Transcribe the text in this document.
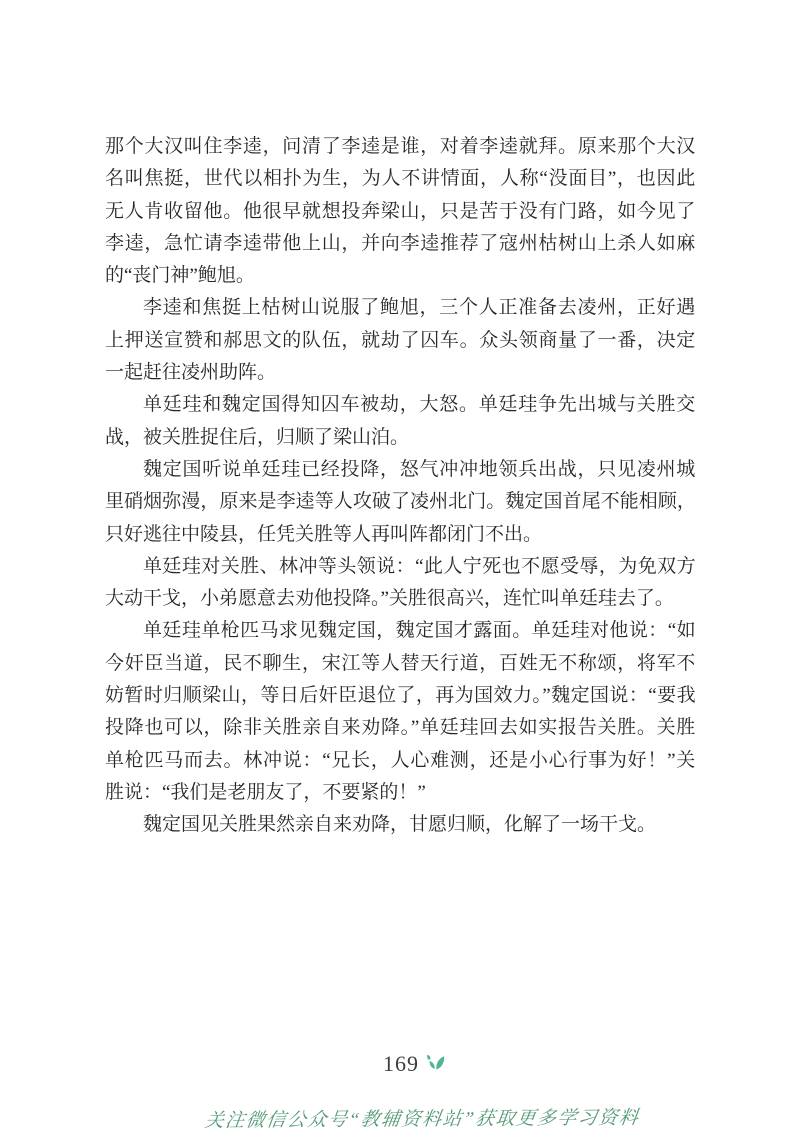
那个大汉叫住李逵，问清了李逵是谁，对着李逵就拜。原来那个大汉
名叫焦挺，世代以相扑为生，为人不讲情面，人称“没面目”，也因此
无人肯收留他。他很早就想投奔梁山，只是苦于没有门路，如今见了
李逵，急忙请李逵带他上山，并向李逵推荐了寇州枯树山上杀人如麻
的“丧门神”鲍旭。
李逵和焦挺上枯树山说服了鲍旭，三个人正准备去凌州，正好遇
上押送宣赞和郝思文的队伍，就劫了囚车。众头领商量了一番，决定
一起赶往凌州助阵。
单廷珪和魏定国得知囚车被劫，大怒。单廷珪争先出城与关胜交
战，被关胜捉住后，归顺了梁山泊。
魏定国听说单廷珪已经投降，怒气冲冲地领兵出战，只见凌州城
里硝烟弥漫，原来是李逵等人攻破了凌州北门。魏定国首尾不能相顾，
只好逃往中陵县，任凭关胜等人再叫阵都闭门不出。
单廷珪对关胜、林冲等头领说：“此人宁死也不愿受辱，为免双方
大动干戈，小弟愿意去劝他投降。”关胜很高兴，连忙叫单廷珪去了。
单廷珪单枪匹马求见魏定国，魏定国才露面。单廷珪对他说：“如
今奸臣当道，民不聊生，宋江等人替天行道，百姓无不称颂，将军不
妨暂时归顺梁山，等日后奸臣退位了，再为国效力。”魏定国说：“要我
投降也可以，除非关胜亲自来劝降。”单廷珪回去如实报告关胜。关胜
单枪匹马而去。林冲说：“兄长，人心难测，还是小心行事为好！”关
胜说：“我们是老朋友了，不要紧的！”
魏定国见关胜果然亲自来劝降，甘愿归顺，化解了一场干戈。
169
关注微信公众号“教辅资料站”获取更多学习资料
